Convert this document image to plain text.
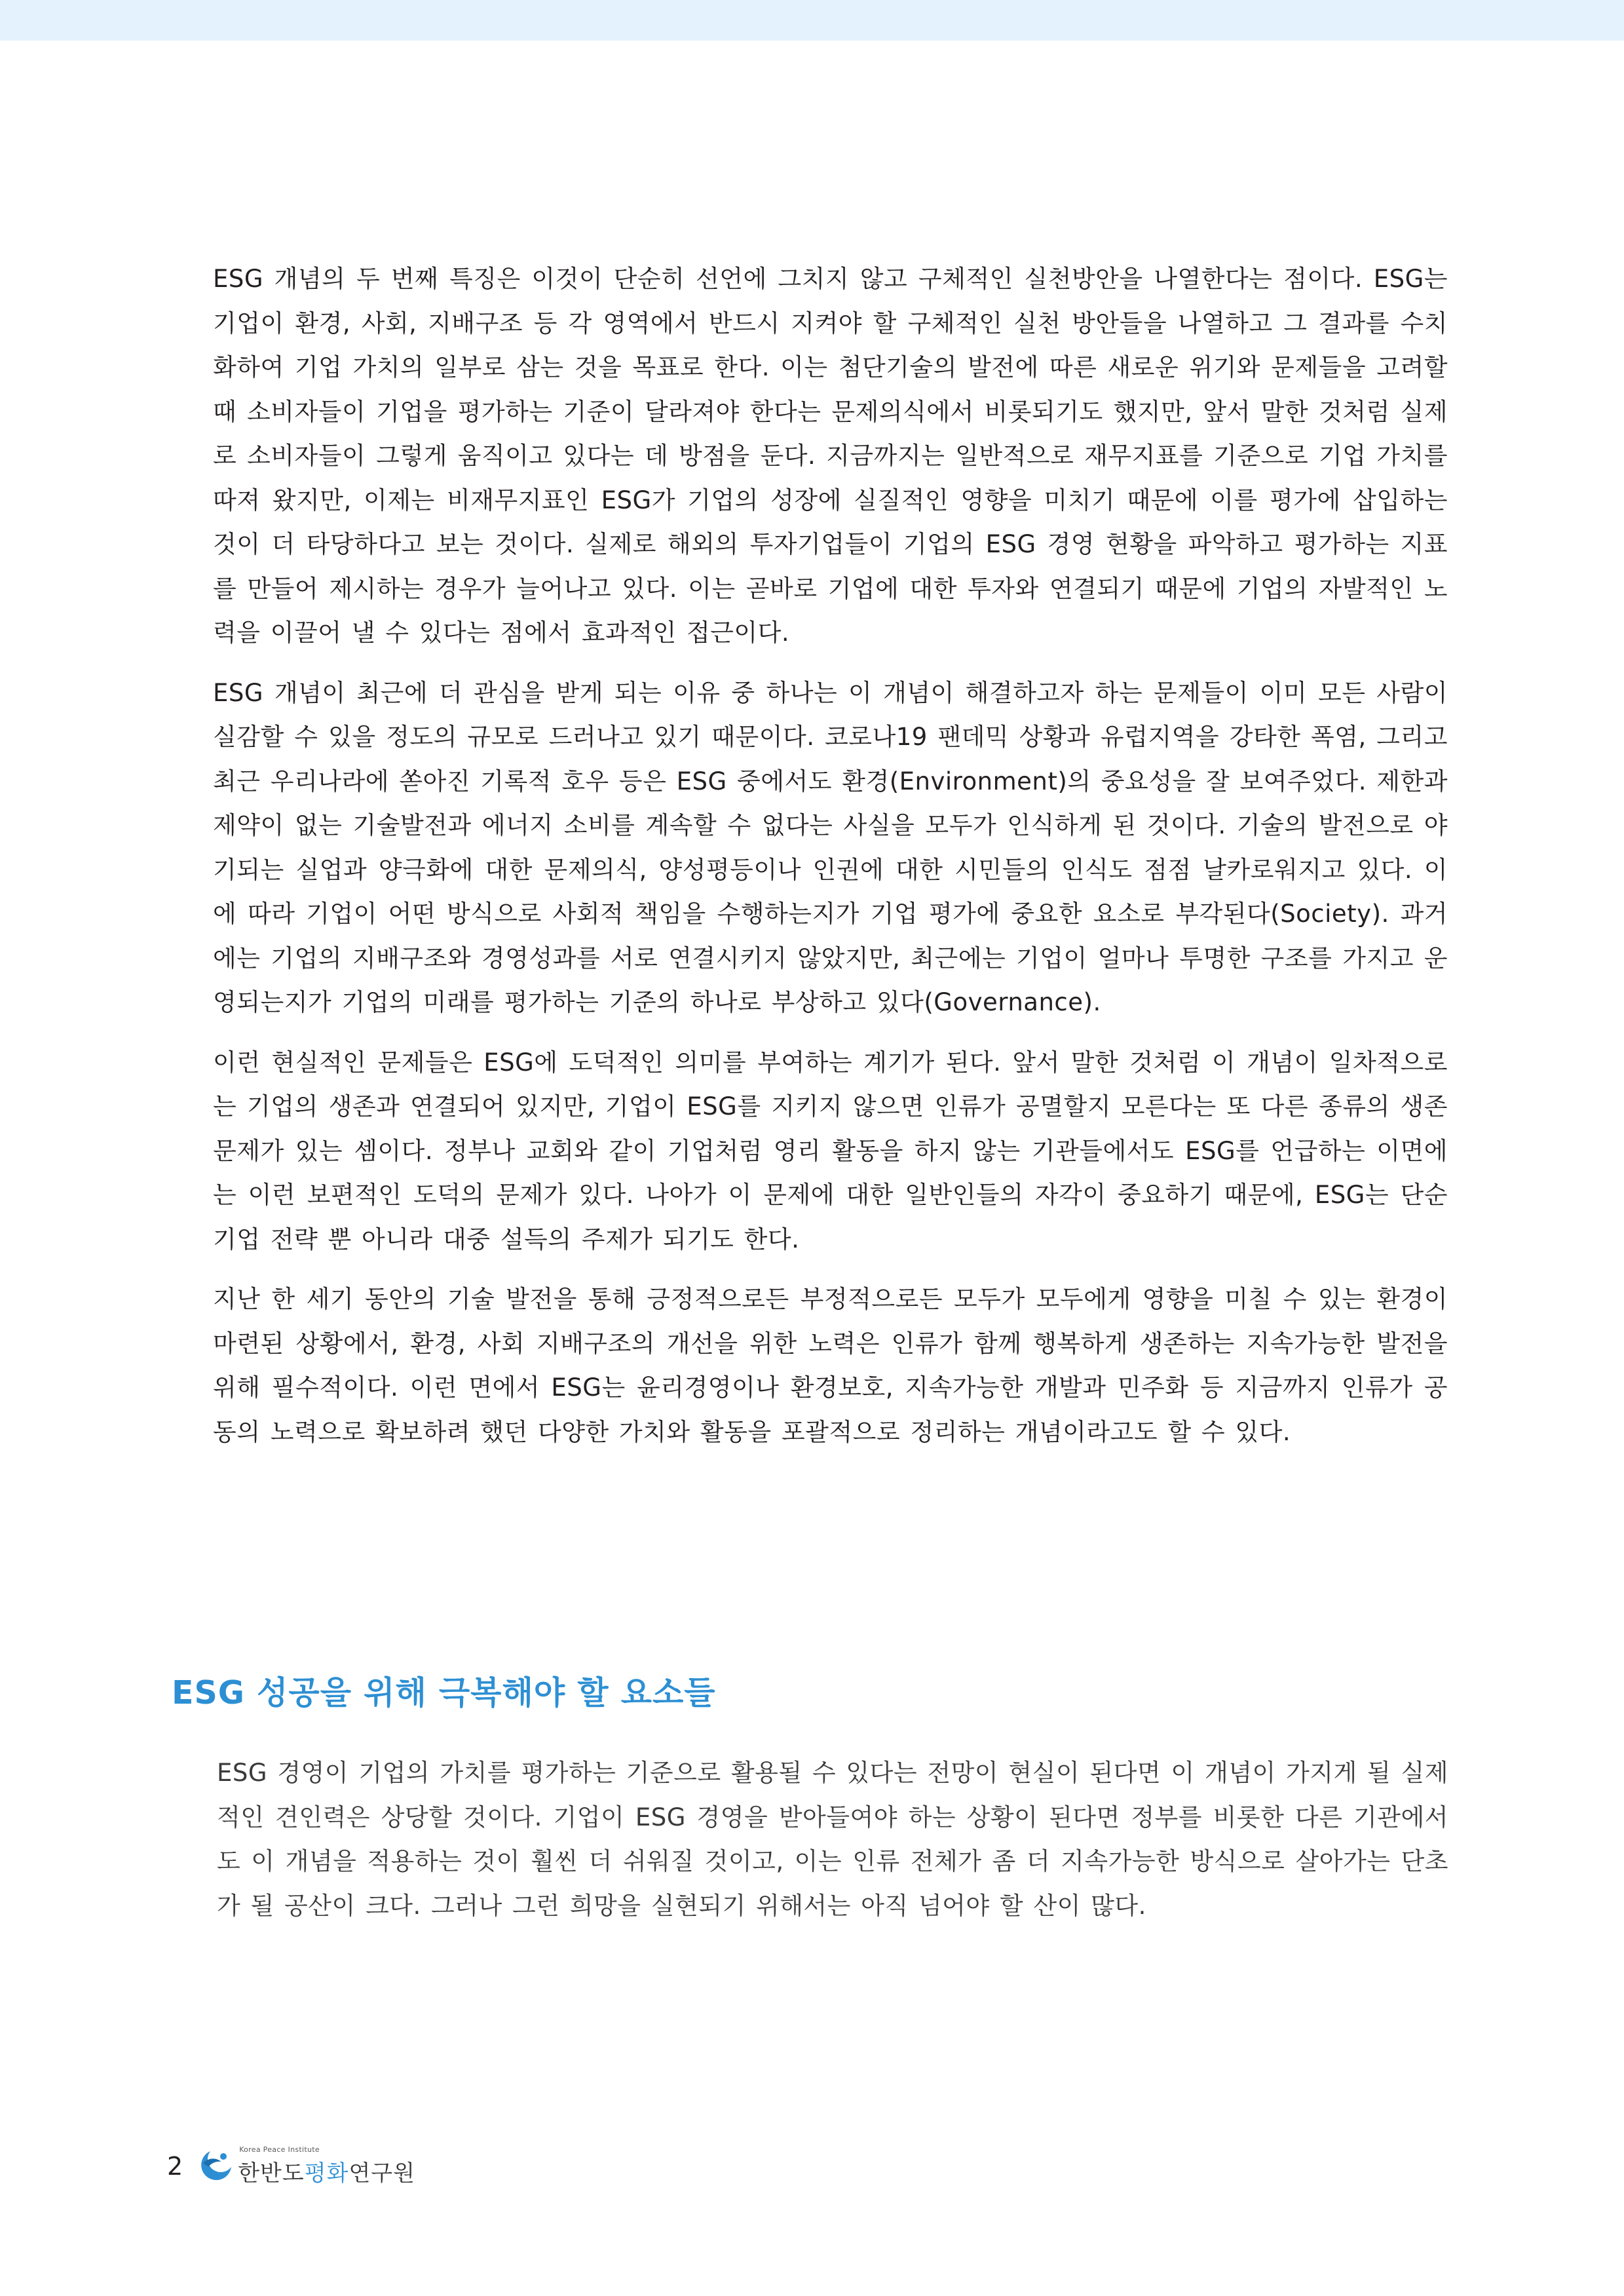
ESG 개념의 두 번째 특징은 이것이 단순히 선언에 그치지 않고 구체적인 실천방안을 나열한다는 점이다. ESG는 기업이 환경, 사회, 지배구조 등 각 영역에서 반드시 지켜야 할 구체적인 실천 방안들을 나열하고 그 결과를 수치화하여 기업 가치의 일부로 삼는 것을 목표로 한다. 이는 첨단기술의 발전에 따른 새로운 위기와 문제들을 고려할 때 소비자들이 기업을 평가하는 기준이 달라져야 한다는 문제의식에서 비롯되기도 했지만, 앞서 말한 것처럼 실제로 소비자들이 그렇게 움직이고 있다는 데 방점을 둔다. 지금까지는 일반적으로 재무지표를 기준으로 기업 가치를 따져 왔지만, 이제는 비재무지표인 ESG가 기업의 성장에 실질적인 영향을 미치기 때문에 이를 평가에 삽입하는 것이 더 타당하다고 보는 것이다. 실제로 해외의 투자기업들이 기업의 ESG 경영 현황을 파악하고 평가하는 지표를 만들어 제시하는 경우가 늘어나고 있다. 이는 곧바로 기업에 대한 투자와 연결되기 때문에 기업의 자발적인 노력을 이끌어 낼 수 있다는 점에서 효과적인 접근이다.

ESG 개념이 최근에 더 관심을 받게 되는 이유 중 하나는 이 개념이 해결하고자 하는 문제들이 이미 모든 사람이 실감할 수 있을 정도의 규모로 드러나고 있기 때문이다. 코로나19 팬데믹 상황과 유럽지역을 강타한 폭염, 그리고 최근 우리나라에 쏟아진 기록적 호우 등은 ESG 중에서도 환경(Environment)의 중요성을 잘 보여주었다. 제한과 제약이 없는 기술발전과 에너지 소비를 계속할 수 없다는 사실을 모두가 인식하게 된 것이다. 기술의 발전으로 야기되는 실업과 양극화에 대한 문제의식, 양성평등이나 인권에 대한 시민들의 인식도 점점 날카로워지고 있다. 이에 따라 기업이 어떤 방식으로 사회적 책임을 수행하는지가 기업 평가에 중요한 요소로 부각된다(Society). 과거에는 기업의 지배구조와 경영성과를 서로 연결시키지 않았지만, 최근에는 기업이 얼마나 투명한 구조를 가지고 운영되는지가 기업의 미래를 평가하는 기준의 하나로 부상하고 있다(Governance).

이런 현실적인 문제들은 ESG에 도덕적인 의미를 부여하는 계기가 된다. 앞서 말한 것처럼 이 개념이 일차적으로는 기업의 생존과 연결되어 있지만, 기업이 ESG를 지키지 않으면 인류가 공멸할지 모른다는 또 다른 종류의 생존 문제가 있는 셈이다. 정부나 교회와 같이 기업처럼 영리 활동을 하지 않는 기관들에서도 ESG를 언급하는 이면에는 이런 보편적인 도덕의 문제가 있다. 나아가 이 문제에 대한 일반인들의 자각이 중요하기 때문에, ESG는 단순 기업 전략 뿐 아니라 대중 설득의 주제가 되기도 한다.

지난 한 세기 동안의 기술 발전을 통해 긍정적으로든 부정적으로든 모두가 모두에게 영향을 미칠 수 있는 환경이 마련된 상황에서, 환경, 사회 지배구조의 개선을 위한 노력은 인류가 함께 행복하게 생존하는 지속가능한 발전을 위해 필수적이다. 이런 면에서 ESG는 윤리경영이나 환경보호, 지속가능한 개발과 민주화 등 지금까지 인류가 공동의 노력으로 확보하려 했던 다양한 가치와 활동을 포괄적으로 정리하는 개념이라고도 할 수 있다.

ESG 성공을 위해 극복해야 할 요소들

ESG 경영이 기업의 가치를 평가하는 기준으로 활용될 수 있다는 전망이 현실이 된다면 이 개념이 가지게 될 실제적인 견인력은 상당할 것이다. 기업이 ESG 경영을 받아들여야 하는 상황이 된다면 정부를 비롯한 다른 기관에서도 이 개념을 적용하는 것이 훨씬 더 쉬워질 것이고, 이는 인류 전체가 좀 더 지속가능한 방식으로 살아가는 단초가 될 공산이 크다. 그러나 그런 희망을 실현되기 위해서는 아직 넘어야 할 산이 많다.

2
Korea Peace Institute
한반도평화연구원
